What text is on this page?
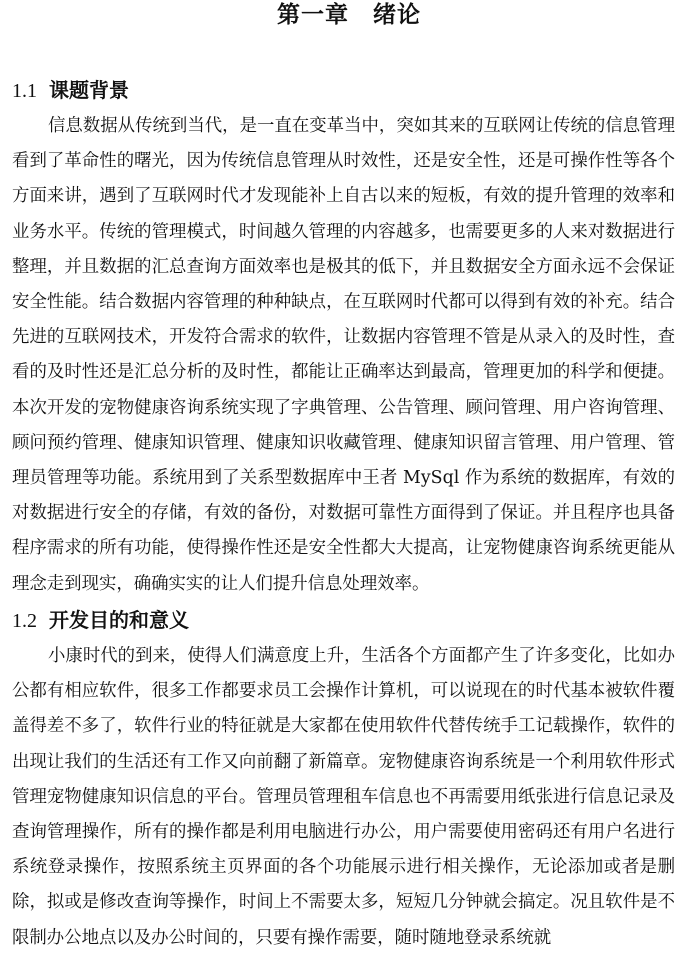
第一章　绪论
1.1 课题背景

信息数据从传统到当代，是一直在变革当中，突如其来的互联网让传统的信息管理看到了革命性的曙光，因为传统信息管理从时效性，还是安全性，还是可操作性等各个方面来讲，遇到了互联网时代才发现能补上自古以来的短板，有效的提升管理的效率和业务水平。传统的管理模式，时间越久管理的内容越多，也需要更多的人来对数据进行整理，并且数据的汇总查询方面效率也是极其的低下，并且数据安全方面永远不会保证安全性能。结合数据内容管理的种种缺点，在互联网时代都可以得到有效的补充。结合先进的互联网技术，开发符合需求的软件，让数据内容管理不管是从录入的及时性，查看的及时性还是汇总分析的及时性，都能让正确率达到最高，管理更加的科学和便捷。本次开发的宠物健康咨询系统实现了字典管理、公告管理、顾问管理、用户咨询管理、顾问预约管理、健康知识管理、健康知识收藏管理、健康知识留言管理、用户管理、管理员管理等功能。系统用到了关系型数据库中王者 MySql 作为系统的数据库，有效的对数据进行安全的存储，有效的备份，对数据可靠性方面得到了保证。并且程序也具备程序需求的所有功能，使得操作性还是安全性都大大提高，让宠物健康咨询系统更能从理念走到现实，确确实实的让人们提升信息处理效率。

1.2 开发目的和意义

小康时代的到来，使得人们满意度上升，生活各个方面都产生了许多变化，比如办公都有相应软件，很多工作都要求员工会操作计算机，可以说现在的时代基本被软件覆盖得差不多了，软件行业的特征就是大家都在使用软件代替传统手工记载操作，软件的出现让我们的生活还有工作又向前翻了新篇章。宠物健康咨询系统是一个利用软件形式管理宠物健康知识信息的平台。管理员管理租车信息也不再需要用纸张进行信息记录及查询管理操作，所有的操作都是利用电脑进行办公，用户需要使用密码还有用户名进行系统登录操作，按照系统主页界面的各个功能展示进行相关操作，无论添加或者是删除，拟或是修改查询等操作，时间上不需要太多，短短几分钟就会搞定。况且软件是不限制办公地点以及办公时间的，只要有操作需要，随时随地登录系统就
